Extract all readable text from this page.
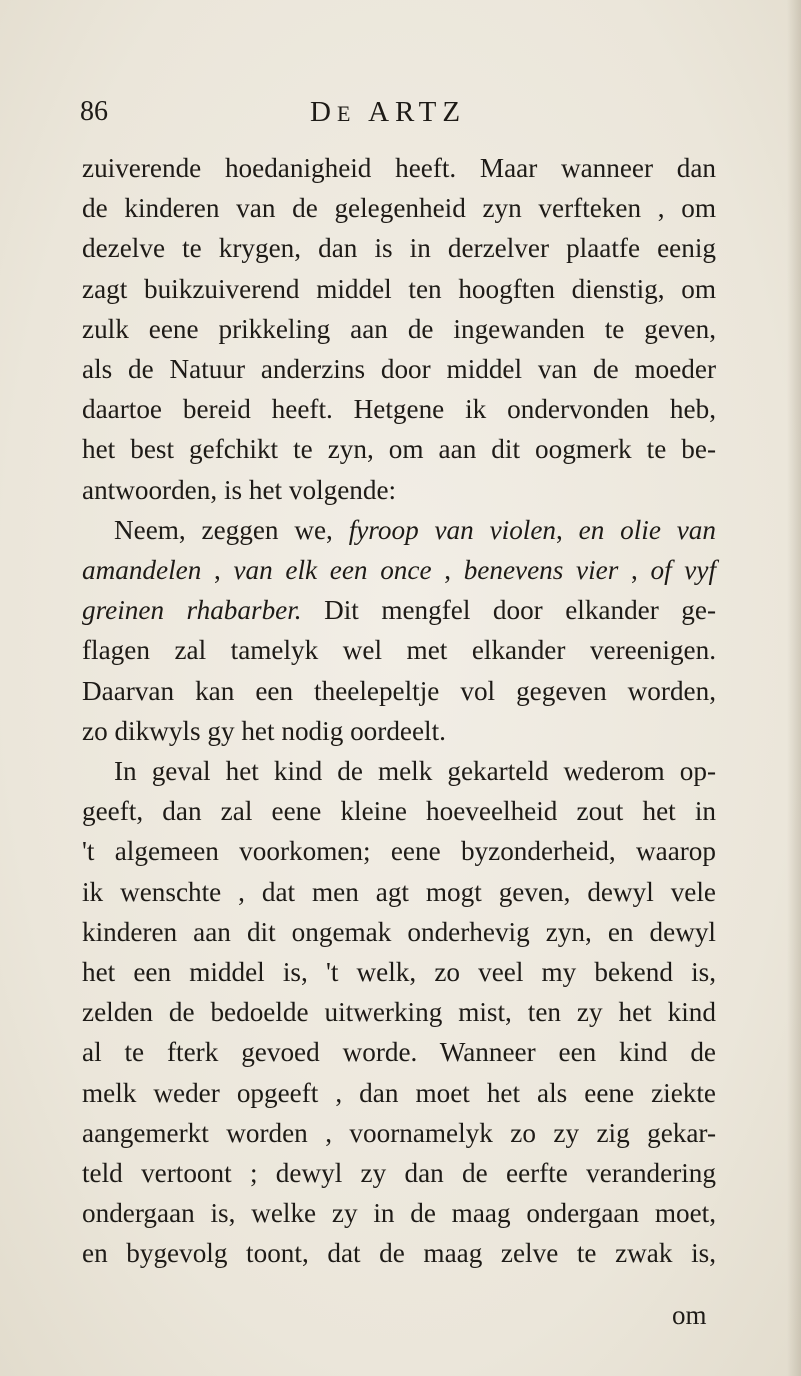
86	DE ARTZ
zuiverende hoedanigheid heeft. Maar wanneer dan
de kinderen van de gelegenheid zyn verfteken , om
dezelve te krygen, dan is in derzelver plaatfe eenig
zagt buikzuiverend middel ten hoogften dienstig, om
zulk eene prikkeling aan de ingewanden te geven,
als de Natuur anderzins door middel van de moeder
daartoe bereid heeft. Hetgene ik ondervonden heb,
het best gefchikt te zyn, om aan dit oogmerk te be-
antwoorden, is het volgende:
Neem, zeggen we, fyroop van violen, en olie van
amandelen , van elk een once , benevens vier , of vyf
greinen rhabarber. Dit mengfel door elkander ge-
flagen zal tamelyk wel met elkander vereenigen.
Daarvan kan een theelepeltje vol gegeven worden,
zo dikwyls gy het nodig oordeelt.
In geval het kind de melk gekarteld wederom op-
geeft, dan zal eene kleine hoeveelheid zout het in
't algemeen voorkomen; eene byzonderheid, waarop
ik wenschte , dat men agt mogt geven, dewyl vele
kinderen aan dit ongemak onderhevig zyn, en dewyl
het een middel is, 't welk, zo veel my bekend is,
zelden de bedoelde uitwerking mist, ten zy het kind
al te fterk gevoed worde. Wanneer een kind de
melk weder opgeeft , dan moet het als eene ziekte
aangemerkt worden , voornamelyk zo zy zig gekar-
teld vertoont ; dewyl zy dan de eerfte verandering
ondergaan is, welke zy in de maag ondergaan moet,
en bygevolg toont, dat de maag zelve te zwak is,
om
